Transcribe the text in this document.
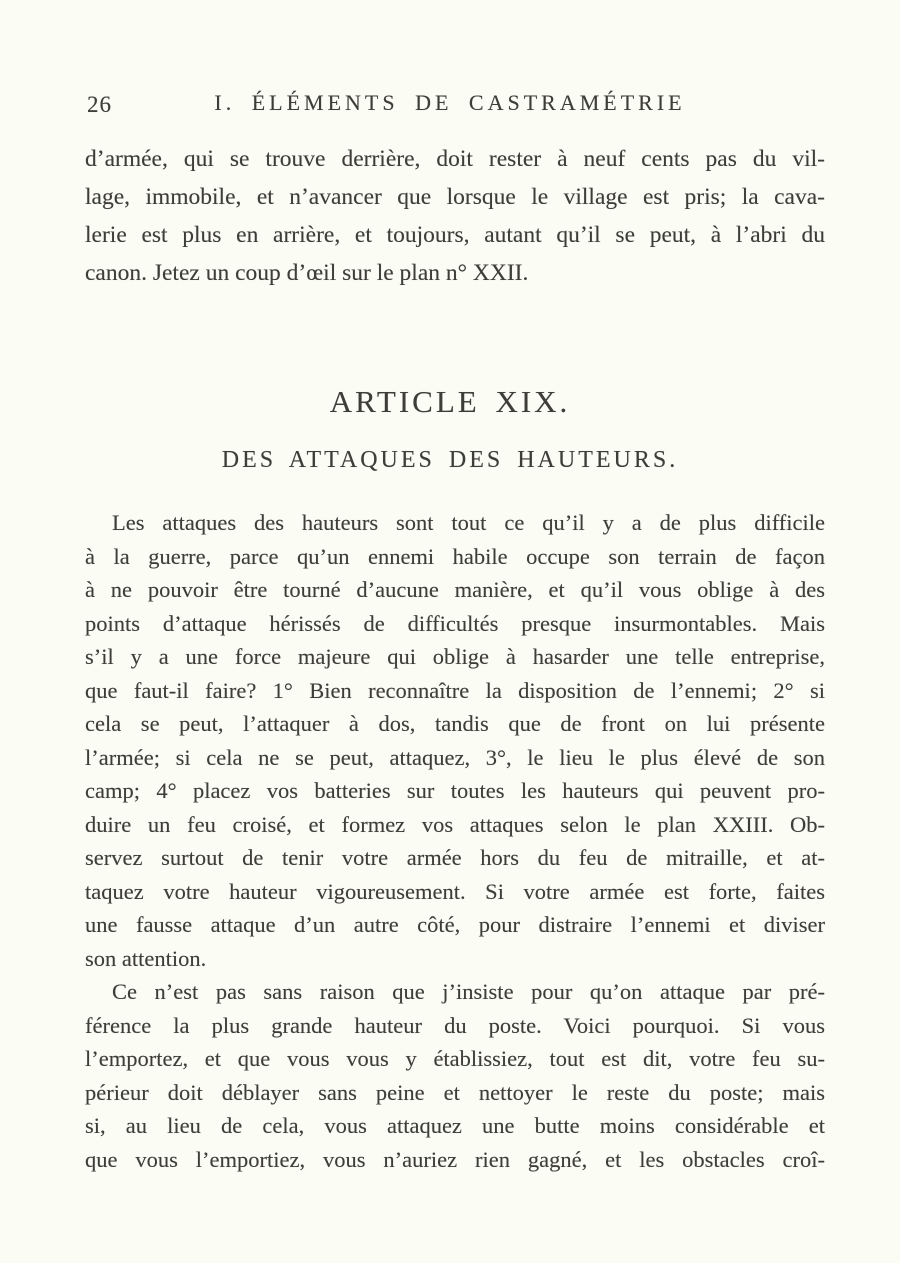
26	I. ÉLÉMENTS DE CASTRAMÉTRIE
d’armée, qui se trouve derrière, doit rester à neuf cents pas du vil-
lage, immobile, et n’avancer que lorsque le village est pris; la cava-
lerie est plus en arrière, et toujours, autant qu’il se peut, à l’abri du
canon. Jetez un coup d’œil sur le plan n° XXII.
ARTICLE XIX.
DES ATTAQUES DES HAUTEURS.
Les attaques des hauteurs sont tout ce qu’il y a de plus difficile
à la guerre, parce qu’un ennemi habile occupe son terrain de façon
à ne pouvoir être tourné d’aucune manière, et qu’il vous oblige à des
points d’attaque hérissés de difficultés presque insurmontables. Mais
s’il y a une force majeure qui oblige à hasarder une telle entreprise,
que faut-il faire? 1° Bien reconnaître la disposition de l’ennemi; 2° si
cela se peut, l’attaquer à dos, tandis que de front on lui présente
l’armée; si cela ne se peut, attaquez, 3°, le lieu le plus élevé de son
camp; 4° placez vos batteries sur toutes les hauteurs qui peuvent pro-
duire un feu croisé, et formez vos attaques selon le plan XXIII. Ob-
servez surtout de tenir votre armée hors du feu de mitraille, et at-
taquez votre hauteur vigoureusement. Si votre armée est forte, faites
une fausse attaque d’un autre côté, pour distraire l’ennemi et diviser
son attention.
Ce n’est pas sans raison que j’insiste pour qu’on attaque par pré-
férence la plus grande hauteur du poste. Voici pourquoi. Si vous
l’emportez, et que vous vous y établissiez, tout est dit, votre feu su-
périeur doit déblayer sans peine et nettoyer le reste du poste; mais
si, au lieu de cela, vous attaquez une butte moins considérable et
que vous l’emportiez, vous n’auriez rien gagné, et les obstacles croî-
